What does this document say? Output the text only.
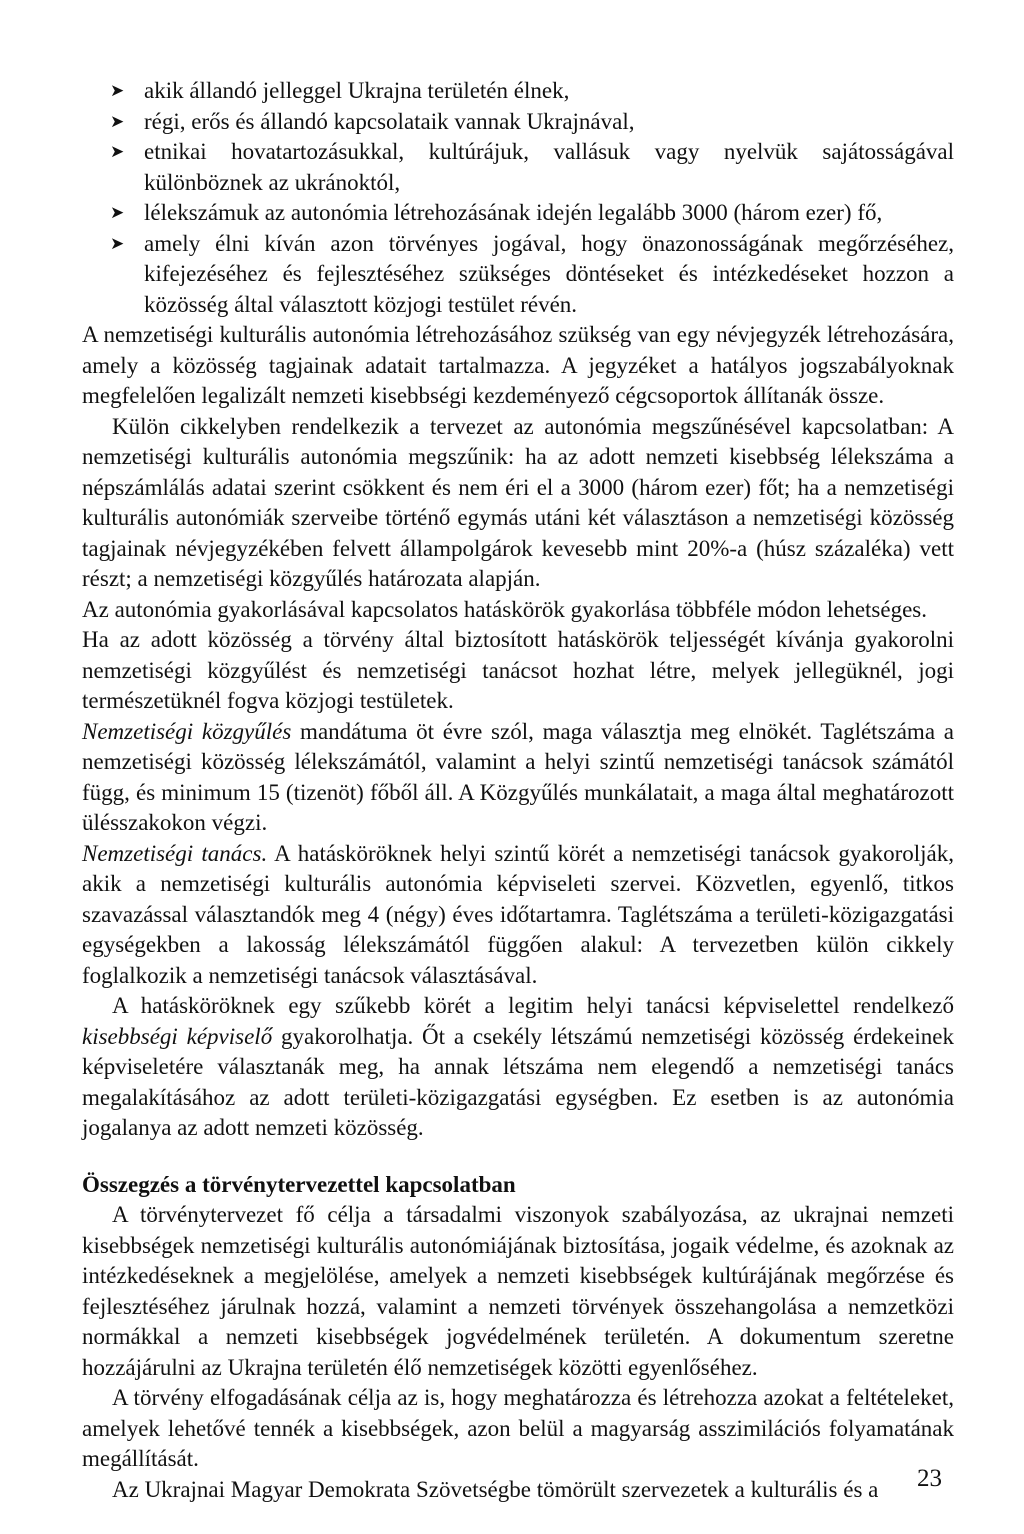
➤ akik állandó jelleggel Ukrajna területén élnek,
➤ régi, erős és állandó kapcsolataik vannak Ukrajnával,
➤ etnikai hovatartozásukkal, kultúrájuk, vallásuk vagy nyelvük sajátosságával különböznek az ukránoktól,
➤ lélekszámuk az autonómia létrehozásának idején legalább 3000 (három ezer) fő,
➤ amely élni kíván azon törvényes jogával, hogy önazonosságának megőrzéséhez, kifejezéséhez és fejlesztéséhez szükséges döntéseket és intézkedéseket hozzon a közösség által választott közjogi testület révén.

A nemzetiségi kulturális autonómia létrehozásához szükség van egy névjegyzék létrehozására, amely a közösség tagjainak adatait tartalmazza. A jegyzéket a hatályos jogszabályoknak megfelelően legalizált nemzeti kisebbségi kezdeményező cégcsoportok állítanák össze.

Külön cikkelyben rendelkezik a tervezet az autonómia megszűnésével kapcsolatban: A nemzetiségi kulturális autonómia megszűnik: ha az adott nemzeti kisebbség lélekszáma a népszámlálás adatai szerint csökkent és nem éri el a 3000 (három ezer) főt; ha a nemzetiségi kulturális autonómiák szerveibe történő egymás utáni két választáson a nemzetiségi közösség tagjainak névjegyzékében felvett állampolgárok kevesebb mint 20%-a (húsz százaléka) vett részt; a nemzetiségi közgyűlés határozata alapján.

Az autonómia gyakorlásával kapcsolatos hatáskörök gyakorlása többféle módon lehetséges.

Ha az adott közösség a törvény által biztosított hatáskörök teljességét kívánja gyakorolni nemzetiségi közgyűlést és nemzetiségi tanácsot hozhat létre, melyek jellegüknél, jogi természetüknél fogva közjogi testületek.

Nemzetiségi közgyűlés mandátuma öt évre szól, maga választja meg elnökét. Taglétszáma a nemzetiségi közösség lélekszámától, valamint a helyi szintű nemzetiségi tanácsok számától függ, és minimum 15 (tizenöt) főből áll. A Közgyűlés munkálatait, a maga által meghatározott ülésszakokon végzi.

Nemzetiségi tanács. A hatásköröknek helyi szintű körét a nemzetiségi tanácsok gyakorolják, akik a nemzetiségi kulturális autonómia képviseleti szervei. Közvetlen, egyenlő, titkos szavazással választandók meg 4 (négy) éves időtartamra. Taglétszáma a területi-közigazgatási egységekben a lakosság lélekszámától függően alakul: A tervezetben külön cikkely foglalkozik a nemzetiségi tanácsok választásával.

A hatásköröknek egy szűkebb körét a legitim helyi tanácsi képviselettel rendelkező kisebbségi képviselő gyakorolhatja. Őt a csekély létszámú nemzetiségi közösség érdekeinek képviseletére választanák meg, ha annak létszáma nem elegendő a nemzetiségi tanács megalakításához az adott területi-közigazgatási egységben. Ez esetben is az autonómia jogalanya az adott nemzeti közösség.

Összegzés a törvénytervezettel kapcsolatban

A törvénytervezet fő célja a társadalmi viszonyok szabályozása, az ukrajnai nemzeti kisebbségek nemzetiségi kulturális autonómiájának biztosítása, jogaik védelme, és azoknak az intézkedéseknek a megjelölése, amelyek a nemzeti kisebbségek kultúrájának megőrzése és fejlesztéséhez járulnak hozzá, valamint a nemzeti törvények összehangolása a nemzetközi normákkal a nemzeti kisebbségek jogvédelmének területén. A dokumentum szeretne hozzájárulni az Ukrajna területén élő nemzetiségek közötti egyenlőséhez.

A törvény elfogadásának célja az is, hogy meghatározza és létrehozza azokat a feltételeket, amelyek lehetővé tennék a kisebbségek, azon belül a magyarság asszimilációs folyamatának megállítását.

Az Ukrajnai Magyar Demokrata Szövetségbe tömörült szervezetek a kulturális és a	23
